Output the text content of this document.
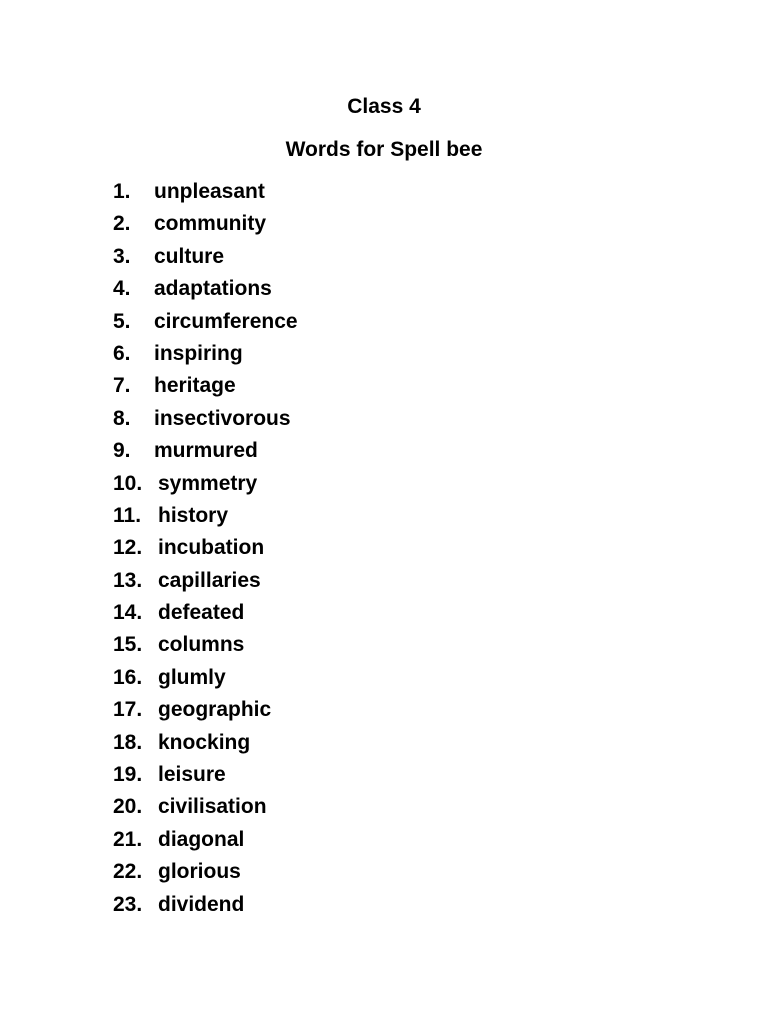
Class 4
Words for Spell bee
1. unpleasant
2. community
3. culture
4. adaptations
5. circumference
6. inspiring
7. heritage
8. insectivorous
9. murmured
10. symmetry
11. history
12. incubation
13. capillaries
14. defeated
15. columns
16. glumly
17. geographic
18. knocking
19. leisure
20. civilisation
21. diagonal
22. glorious
23. dividend
